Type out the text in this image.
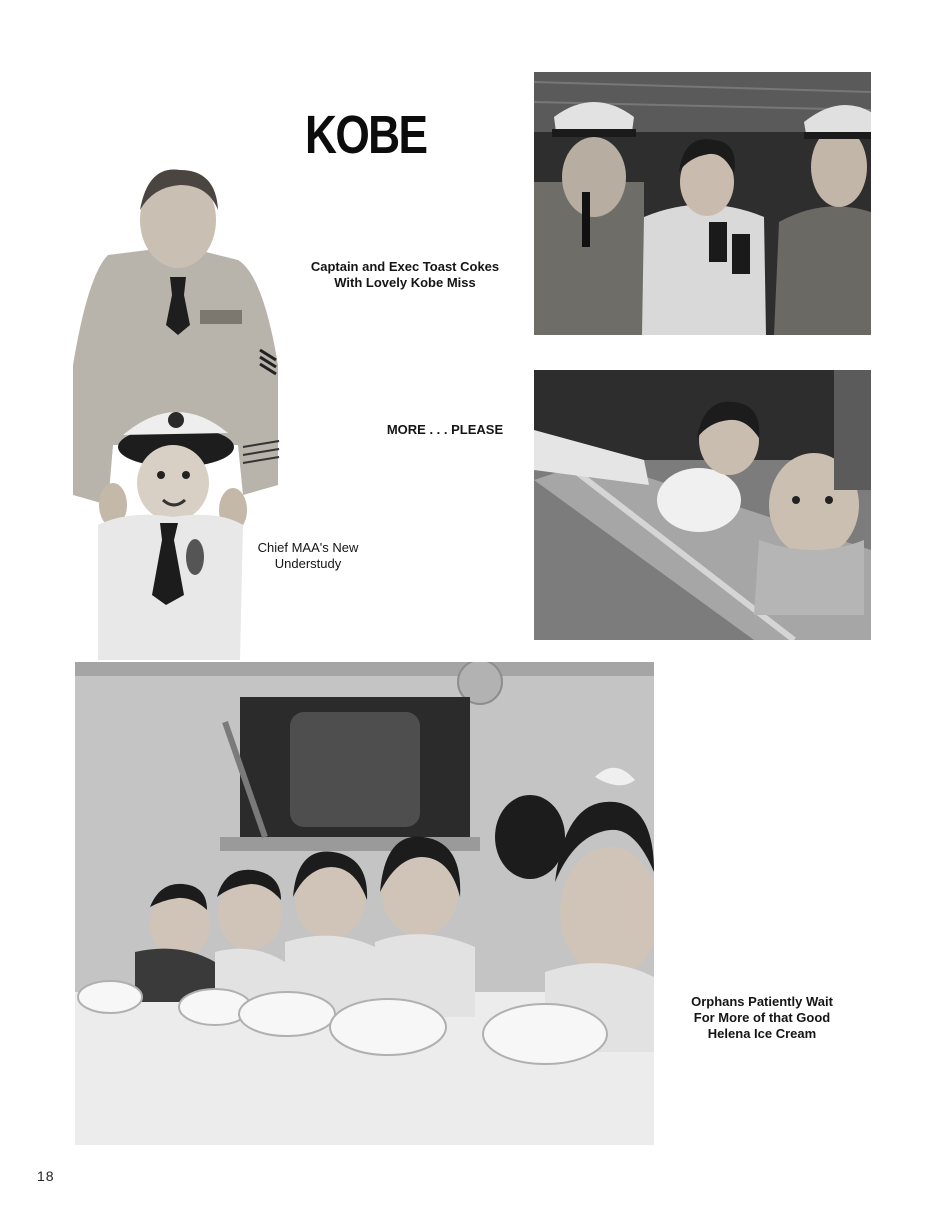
KOBE
Captain and Exec Toast Cokes
With Lovely Kobe Miss
MORE . . . PLEASE
Chief MAA's New
Understudy
Orphans Patiently Wait
For More of that Good
Helena Ice Cream
18
